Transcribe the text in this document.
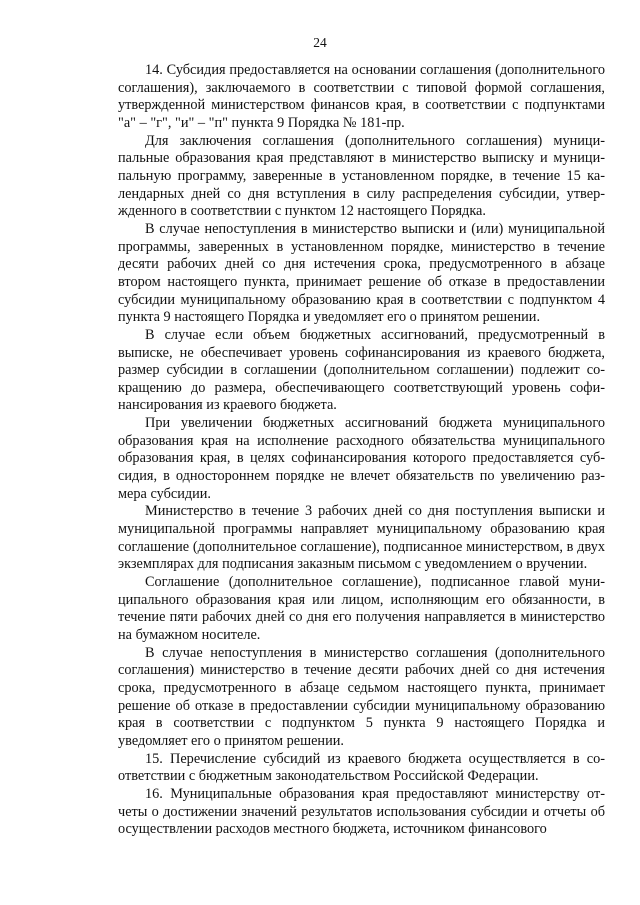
24

14. Субсидия предоставляется на основании соглашения (дополнительного соглашения), заключаемого в соответствии с типовой формой соглашения, утвержденной министерством финансов края, в соответствии с подпунктами "а" – "г", "и" – "п" пункта 9 Порядка № 181-пр.

Для заключения соглашения (дополнительного соглашения) муниципальные образования края представляют в министерство выписку и муниципальную программу, заверенные в установленном порядке, в течение 15 календарных дней со дня вступления в силу распределения субсидии, утвержденного в соответствии с пунктом 12 настоящего Порядка.

В случае непоступления в министерство выписки и (или) муниципальной программы, заверенных в установленном порядке, министерство в течение десяти рабочих дней со дня истечения срока, предусмотренного в абзаце втором настоящего пункта, принимает решение об отказе в предоставлении субсидии муниципальному образованию края в соответствии с подпунктом 4 пункта 9 настоящего Порядка и уведомляет его о принятом решении.

В случае если объем бюджетных ассигнований, предусмотренный в выписке, не обеспечивает уровень софинансирования из краевого бюджета, размер субсидии в соглашении (дополнительном соглашении) подлежит сокращению до размера, обеспечивающего соответствующий уровень софинансирования из краевого бюджета.

При увеличении бюджетных ассигнований бюджета муниципального образования края на исполнение расходного обязательства муниципального образования края, в целях софинансирования которого предоставляется субсидия, в одностороннем порядке не влечет обязательств по увеличению размера субсидии.

Министерство в течение 3 рабочих дней со дня поступления выписки и муниципальной программы направляет муниципальному образованию края соглашение (дополнительное соглашение), подписанное министерством, в двух экземплярах для подписания заказным письмом с уведомлением о вручении.

Соглашение (дополнительное соглашение), подписанное главой муниципального образования края или лицом, исполняющим его обязанности, в течение пяти рабочих дней со дня его получения направляется в министерство на бумажном носителе.

В случае непоступления в министерство соглашения (дополнительного соглашения) министерство в течение десяти рабочих дней со дня истечения срока, предусмотренного в абзаце седьмом настоящего пункта, принимает решение об отказе в предоставлении субсидии муниципальному образованию края в соответствии с подпунктом 5 пункта 9 настоящего Порядка и уведомляет его о принятом решении.

15. Перечисление субсидий из краевого бюджета осуществляется в соответствии с бюджетным законодательством Российской Федерации.

16. Муниципальные образования края предоставляют министерству отчеты о достижении значений результатов использования субсидии и отчеты об осуществлении расходов местного бюджета, источником финансового
